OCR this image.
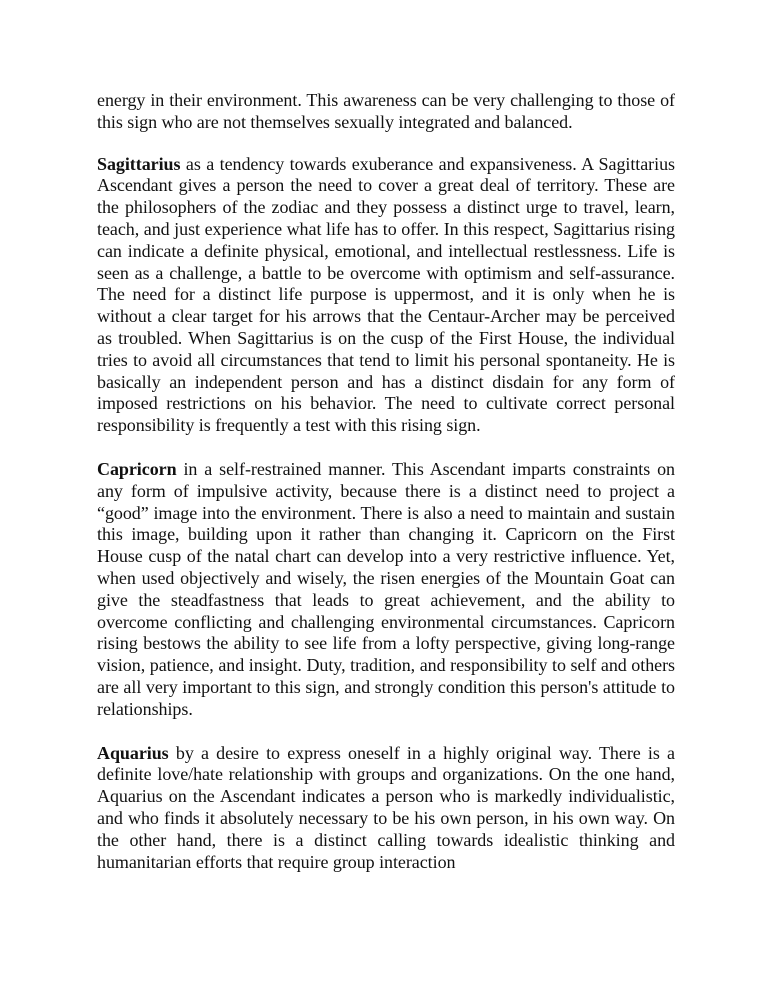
energy in their environment. This awareness can be very challenging to those of this sign who are not themselves sexually integrated and balanced.

Sagittarius as a tendency towards exuberance and expansiveness. A Sagittarius Ascendant gives a person the need to cover a great deal of territory. These are the philosophers of the zodiac and they possess a distinct urge to travel, learn, teach, and just experience what life has to offer. In this respect, Sagittarius rising can indicate a definite physical, emotional, and intellectual restlessness. Life is seen as a challenge, a battle to be overcome with optimism and self-assurance. The need for a distinct life purpose is uppermost, and it is only when he is without a clear target for his arrows that the Centaur-Archer may be perceived as troubled. When Sagittarius is on the cusp of the First House, the individual tries to avoid all circumstances that tend to limit his personal spontaneity. He is basically an independent person and has a distinct disdain for any form of imposed restrictions on his behavior. The need to cultivate correct personal responsibility is frequently a test with this rising sign.

Capricorn in a self-restrained manner. This Ascendant imparts constraints on any form of impulsive activity, because there is a distinct need to project a “good” image into the environment. There is also a need to maintain and sustain this image, building upon it rather than changing it. Capricorn on the First House cusp of the natal chart can develop into a very restrictive influence. Yet, when used objectively and wisely, the risen energies of the Mountain Goat can give the steadfastness that leads to great achievement, and the ability to overcome conflicting and challenging environmental circumstances. Capricorn rising bestows the ability to see life from a lofty perspective, giving long-range vision, patience, and insight. Duty, tradition, and responsibility to self and others are all very important to this sign, and strongly condition this person's attitude to relationships.

Aquarius by a desire to express oneself in a highly original way. There is a definite love/hate relationship with groups and organizations. On the one hand, Aquarius on the Ascendant indicates a person who is markedly individualistic, and who finds it absolutely necessary to be his own person, in his own way. On the other hand, there is a distinct calling towards idealistic thinking and humanitarian efforts that require group interaction
